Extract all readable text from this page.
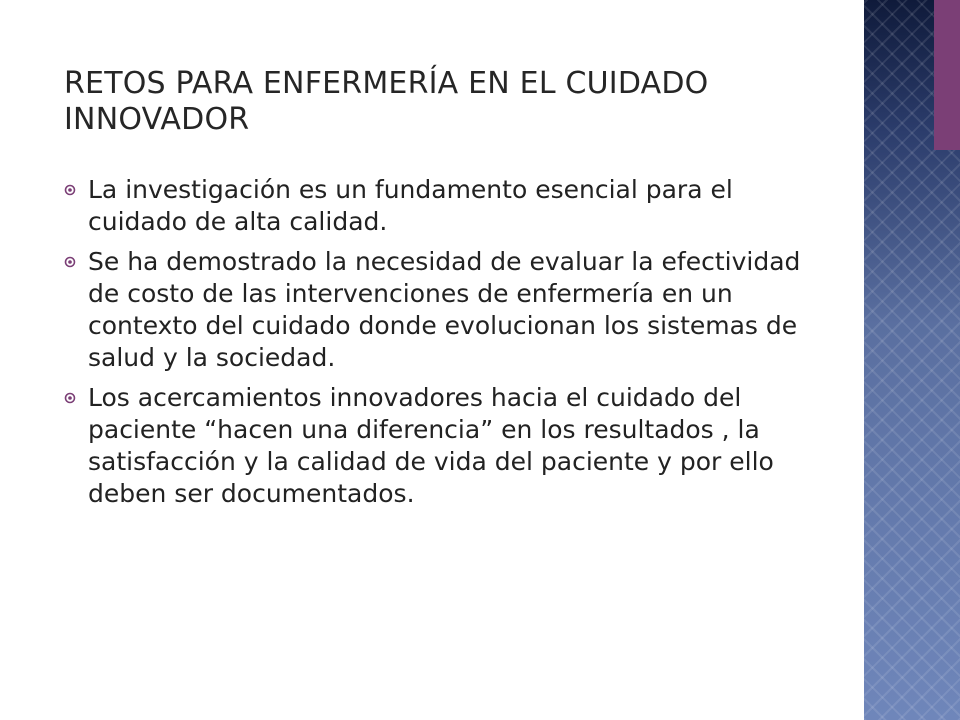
RETOS PARA ENFERMERÍA EN EL CUIDADO INNOVADOR
La investigación es un fundamento esencial para el cuidado de alta calidad.
Se ha demostrado la necesidad de evaluar la efectividad de costo de las intervenciones de enfermería en un contexto del cuidado donde evolucionan los sistemas de salud y la sociedad.
Los acercamientos innovadores hacia el cuidado del paciente “hacen una diferencia” en los resultados , la satisfacción y la calidad de vida del paciente y por ello deben ser documentados.
